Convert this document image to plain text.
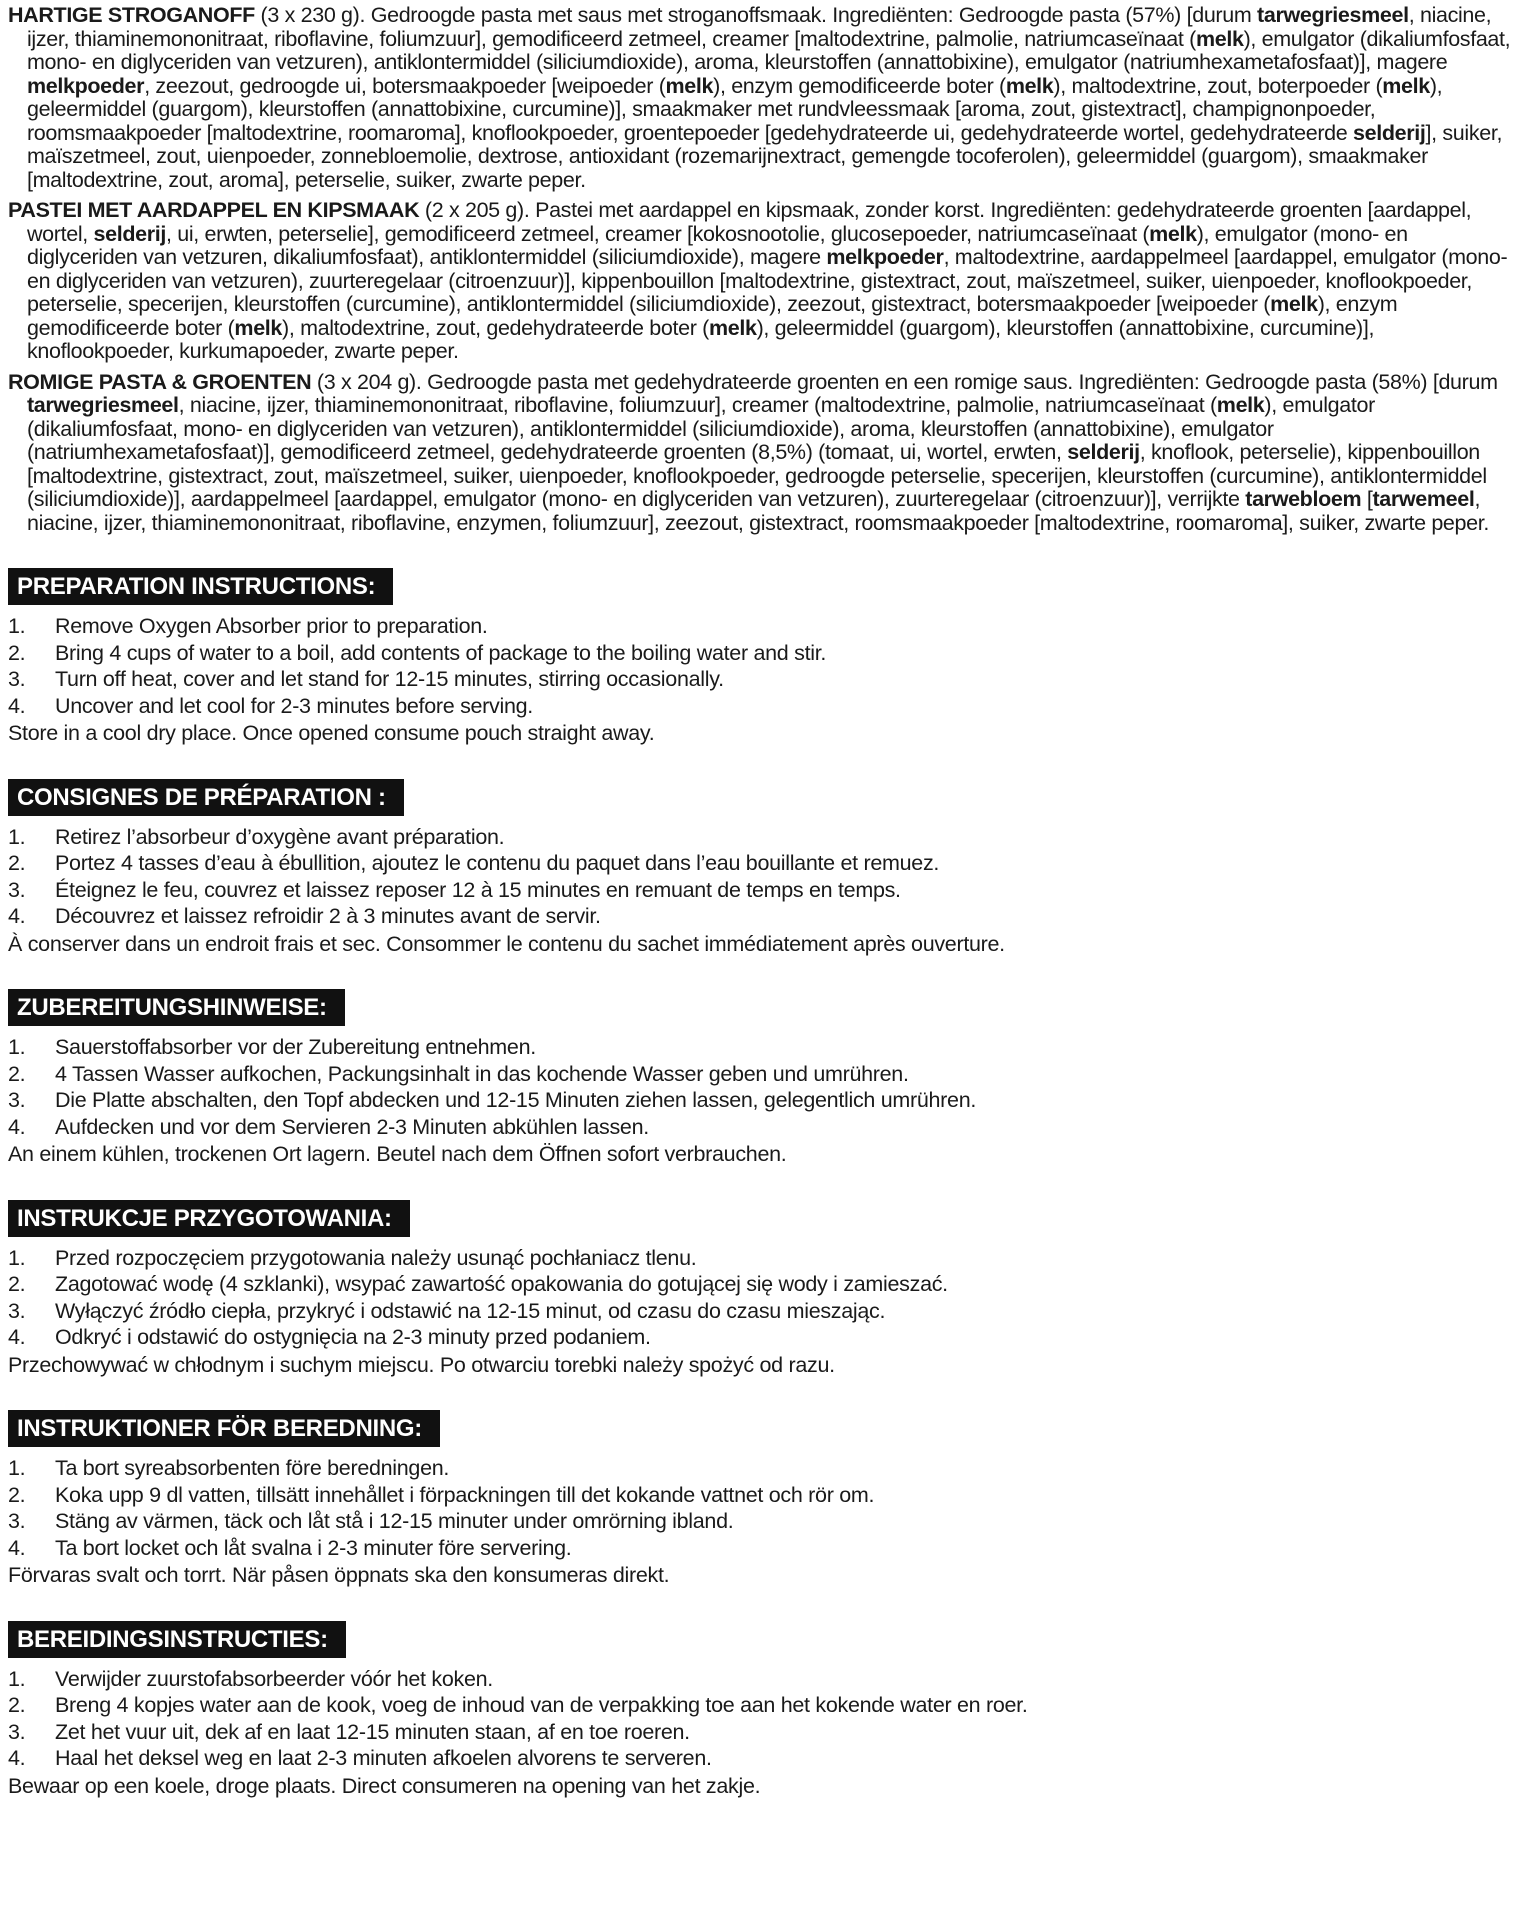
HARTIGE STROGANOFF (3 x 230 g). Gedroogde pasta met saus met stroganoffsmaak. Ingrediënten: Gedroogde pasta (57%) [durum tarwegriesmeel, niacine, ijzer, thiaminemononitraat, riboflavine, foliumzuur], gemodificeerd zetmeel, creamer [maltodextrine, palmolie, natriumcaseïnaat (melk), emulgator (dikaliumfosfaat, mono- en diglyceriden van vetzuren), antiklontermiddel (siliciumdioxide), aroma, kleurstoffen (annattobixine), emulgator (natriumhexametafosfaat)], magere melkpoeder, zeezout, gedroogde ui, botersmaakpoeder [weipoeder (melk), enzym gemodificeerde boter (melk), maltodextrine, zout, boterpoeder (melk), geleermiddel (guargom), kleurstoffen (annattobixine, curcumine)], smaakmaker met rundvleessmaak [aroma, zout, gistextract], champignonpoeder, roomsmaakpoeder [maltodextrine, roomaroma], knoflookpoeder, groentepoeder [gedehydrateerde ui, gedehydrateerde wortel, gedehydrateerde selderij], suiker, maïszetmeel, zout, uienpoeder, zonnebloemolie, dextrose, antioxidant (rozemarijnextract, gemengde tocoferolen), geleermiddel (guargom), smaakmaker [maltodextrine, zout, aroma], peterselie, suiker, zwarte peper.

PASTEI MET AARDAPPEL EN KIPSMAAK (2 x 205 g). Pastei met aardappel en kipsmaak, zonder korst. Ingrediënten: gedehydrateerde groenten [aardappel, wortel, selderij, ui, erwten, peterselie], gemodificeerd zetmeel, creamer [kokosnootolie, glucosepoeder, natriumcaseïnaat (melk), emulgator (mono- en diglyceriden van vetzuren, dikaliumfosfaat), antiklontermiddel (siliciumdioxide), magere melkpoeder, maltodextrine, aardappelmeel [aardappel, emulgator (mono- en diglyceriden van vetzuren), zuurteregelaar (citroenzuur)], kippenbouillon [maltodextrine, gistextract, zout, maïszetmeel, suiker, uienpoeder, knoflookpoeder, peterselie, specerijen, kleurstoffen (curcumine), antiklontermiddel (siliciumdioxide), zeezout, gistextract, botersmaakpoeder [weipoeder (melk), enzym gemodificeerde boter (melk), maltodextrine, zout, gedehydrateerde boter (melk), geleermiddel (guargom), kleurstoffen (annattobixine, curcumine)], knoflookpoeder, kurkumapoeder, zwarte peper.

ROMIGE PASTA & GROENTEN (3 x 204 g). Gedroogde pasta met gedehydrateerde groenten en een romige saus. Ingrediënten: Gedroogde pasta (58%) [durum tarwegriesmeel, niacine, ijzer, thiaminemononitraat, riboflavine, foliumzuur], creamer (maltodextrine, palmolie, natriumcaseïnaat (melk), emulgator (dikaliumfosfaat, mono- en diglyceriden van vetzuren), antiklontermiddel (siliciumdioxide), aroma, kleurstoffen (annattobixine), emulgator (natriumhexametafosfaat)], gemodificeerd zetmeel, gedehydrateerde groenten (8,5%) (tomaat, ui, wortel, erwten, selderij, knoflook, peterselie), kippenbouillon [maltodextrine, gistextract, zout, maïszetmeel, suiker, uienpoeder, knoflookpoeder, gedroogde peterselie, specerijen, kleurstoffen (curcumine), antiklontermiddel (siliciumdioxide)], aardappelmeel [aardappel, emulgator (mono- en diglyceriden van vetzuren), zuurteregelaar (citroenzuur)], verrijkte tarwebloem [tarwemeel, niacine, ijzer, thiaminemononitraat, riboflavine, enzymen, foliumzuur], zeezout, gistextract, roomsmaakpoeder [maltodextrine, roomaroma], suiker, zwarte peper.

PREPARATION INSTRUCTIONS:
1.	Remove Oxygen Absorber prior to preparation.
2.	Bring 4 cups of water to a boil, add contents of package to the boiling water and stir.
3.	Turn off heat, cover and let stand for 12-15 minutes, stirring occasionally.
4.	Uncover and let cool for 2-3 minutes before serving.

Store in a cool dry place. Once opened consume pouch straight away.

CONSIGNES DE PRÉPARATION :
1.	Retirez l’absorbeur d’oxygène avant préparation.
2.	Portez 4 tasses d’eau à ébullition, ajoutez le contenu du paquet dans l’eau bouillante et remuez.
3.	Éteignez le feu, couvrez et laissez reposer 12 à 15 minutes en remuant de temps en temps.
4.	Découvrez et laissez refroidir 2 à 3 minutes avant de servir.

À conserver dans un endroit frais et sec. Consommer le contenu du sachet immédiatement après ouverture.

ZUBEREITUNGSHINWEISE:
1.	Sauerstoffabsorber vor der Zubereitung entnehmen.
2.	4 Tassen Wasser aufkochen, Packungsinhalt in das kochende Wasser geben und umrühren.
3.	Die Platte abschalten, den Topf abdecken und 12-15 Minuten ziehen lassen, gelegentlich umrühren.
4.	Aufdecken und vor dem Servieren 2-3 Minuten abkühlen lassen.

An einem kühlen, trockenen Ort lagern. Beutel nach dem Öffnen sofort verbrauchen.

INSTRUKCJE PRZYGOTOWANIA:
1.	Przed rozpoczęciem przygotowania należy usunąć pochłaniacz tlenu.
2.	Zagotować wodę (4 szklanki), wsypać zawartość opakowania do gotującej się wody i zamieszać.
3.	Wyłączyć źródło ciepła, przykryć i odstawić na 12-15 minut, od czasu do czasu mieszając.
4.	Odkryć i odstawić do ostygnięcia na 2-3 minuty przed podaniem.

Przechowywać w chłodnym i suchym miejscu. Po otwarciu torebki należy spożyć od razu.

INSTRUKTIONER FÖR BEREDNING:
1.	Ta bort syreabsorbenten före beredningen.
2.	Koka upp 9 dl vatten, tillsätt innehållet i förpackningen till det kokande vattnet och rör om.
3.	Stäng av värmen, täck och låt stå i 12-15 minuter under omrörning ibland.
4.	Ta bort locket och låt svalna i 2-3 minuter före servering.

Förvaras svalt och torrt. När påsen öppnats ska den konsumeras direkt.

BEREIDINGSINSTRUCTIES:
1.	Verwijder zuurstofabsorbeerder vóór het koken.
2.	Breng 4 kopjes water aan de kook, voeg de inhoud van de verpakking toe aan het kokende water en roer.
3.	Zet het vuur uit, dek af en laat 12-15 minuten staan, af en toe roeren.
4.	Haal het deksel weg en laat 2-3 minuten afkoelen alvorens te serveren.

Bewaar op een koele, droge plaats. Direct consumeren na opening van het zakje.
